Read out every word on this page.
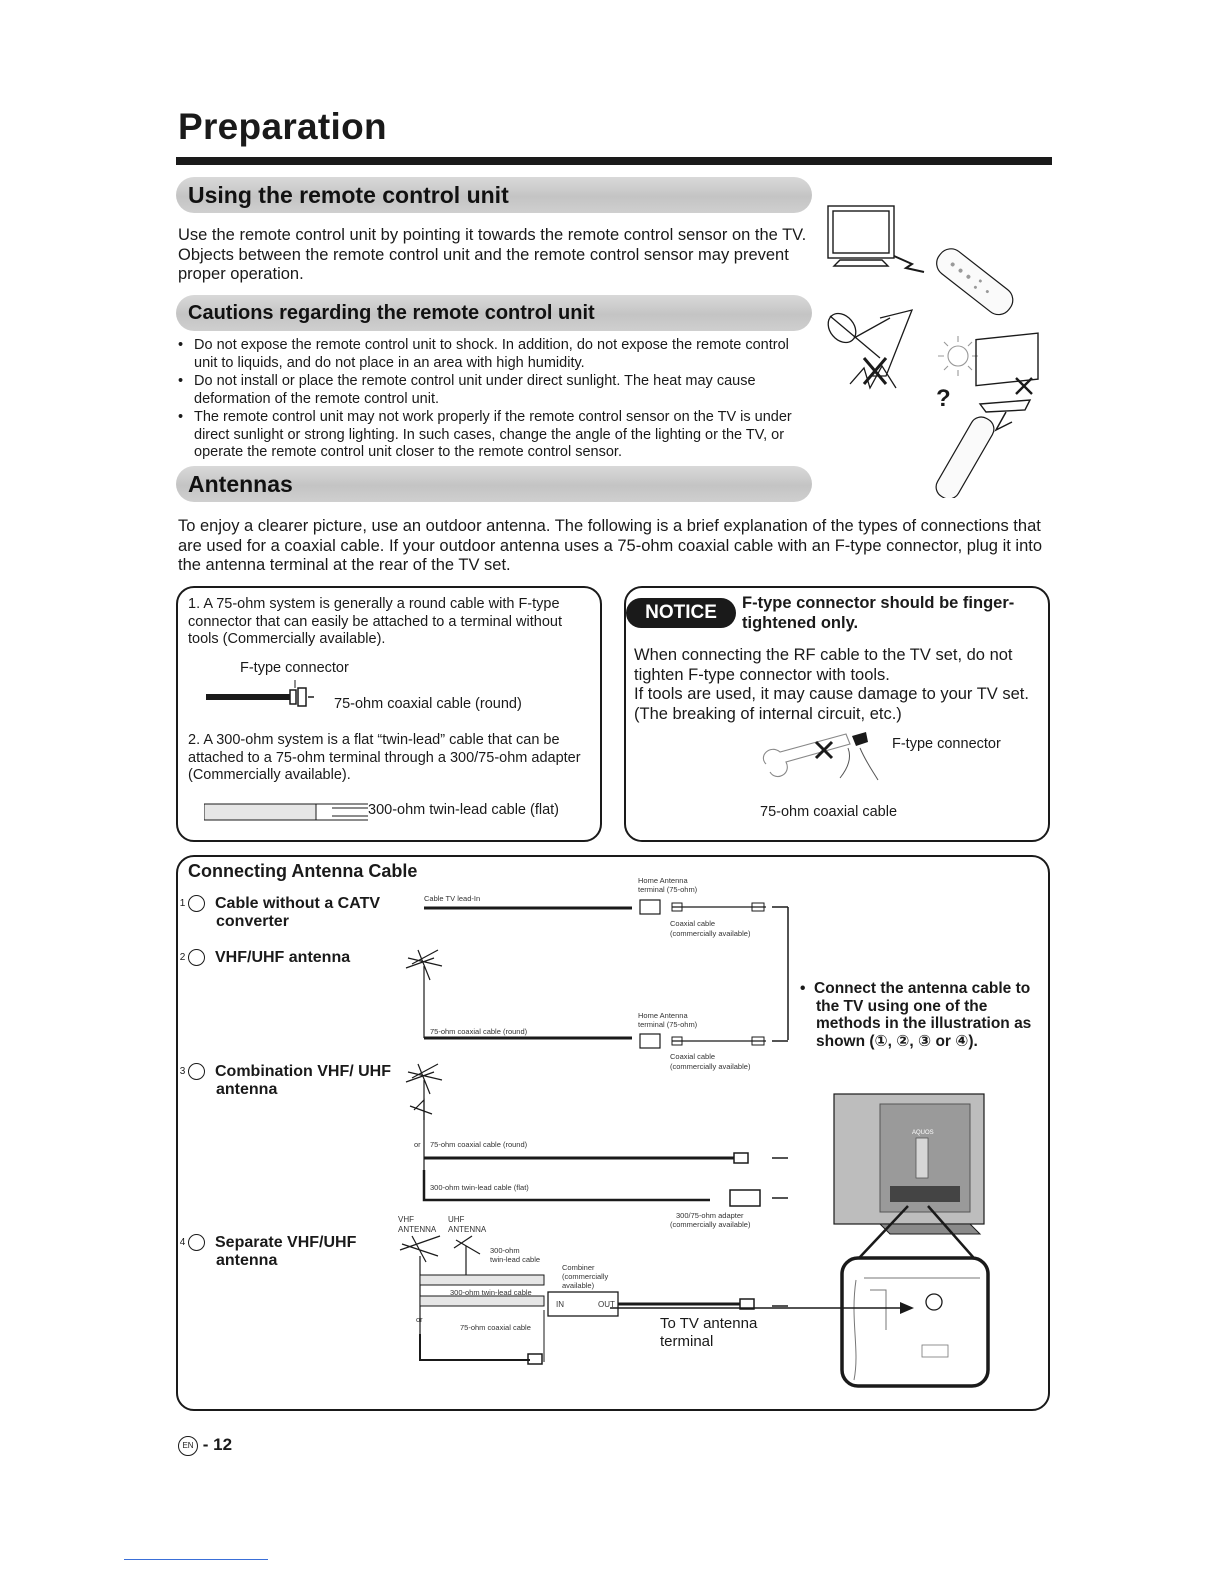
Preparation
Using the remote control unit
Use the remote control unit by pointing it towards the remote control sensor on the TV. Objects between the remote control unit and the remote control sensor may prevent proper operation.
?
Cautions regarding the remote control unit
• Do not expose the remote control unit to shock. In addition, do not expose the remote control unit to liquids, and do not place in an area with high humidity.
• Do not install or place the remote control unit under direct sunlight. The heat may cause deformation of the remote control unit.
• The remote control unit may not work properly if the remote control sensor on the TV is under direct sunlight or strong lighting. In such cases, change the angle of the lighting or the TV, or operate the remote control unit closer to the remote control sensor.
Antennas
To enjoy a clearer picture, use an outdoor antenna. The following is a brief explanation of the types of connections that are used for a coaxial cable. If your outdoor antenna uses a 75-ohm coaxial cable with an F-type connector, plug it into the antenna terminal at the rear of the TV set.
1. A 75-ohm system is generally a round cable with F-type connector that can easily be attached to a terminal without tools (Commercially available).
F-type connector
75-ohm coaxial cable (round)
2. A 300-ohm system is a flat “twin-lead” cable that can be attached to a 75-ohm terminal through a 300/75-ohm adapter (Commercially available).
300-ohm twin-lead cable (flat)
NOTICE	F-type connector should be finger-tightened only.
When connecting the RF cable to the TV set, do not tighten F-type connector with tools.
If tools are used, it may cause damage to your TV set. (The breaking of internal circuit, etc.)
F-type connector
75-ohm coaxial cable
Connecting Antenna Cable
1 Cable without a CATV converter
2 VHF/UHF antenna
3 Combination VHF/ UHF antenna
4 Separate VHF/UHF antenna
•  Connect the antenna cable to the TV using one of the methods in the illustration as shown (①, ②, ③ or ④).
Cable TV lead-In
Home Antenna
terminal (75-ohm)
Coaxial cable
(commercially available)
75-ohm coaxial cable (round)
Home Antenna
terminal (75-ohm)
Coaxial cable
(commercially available)
or 75-ohm coaxial cable (round)
300-ohm twin-lead cable (flat)
300/75-ohm adapter
(commercially available)
VHF	UHF
ANTENNA ANTENNA
300-ohm
twin-lead cable
300-ohm twin-lead cable
Combiner
(commercially
available)
IN	OUT
or
75-ohm coaxial cable	To TV antenna
terminal
AQUOS
EN - 12
